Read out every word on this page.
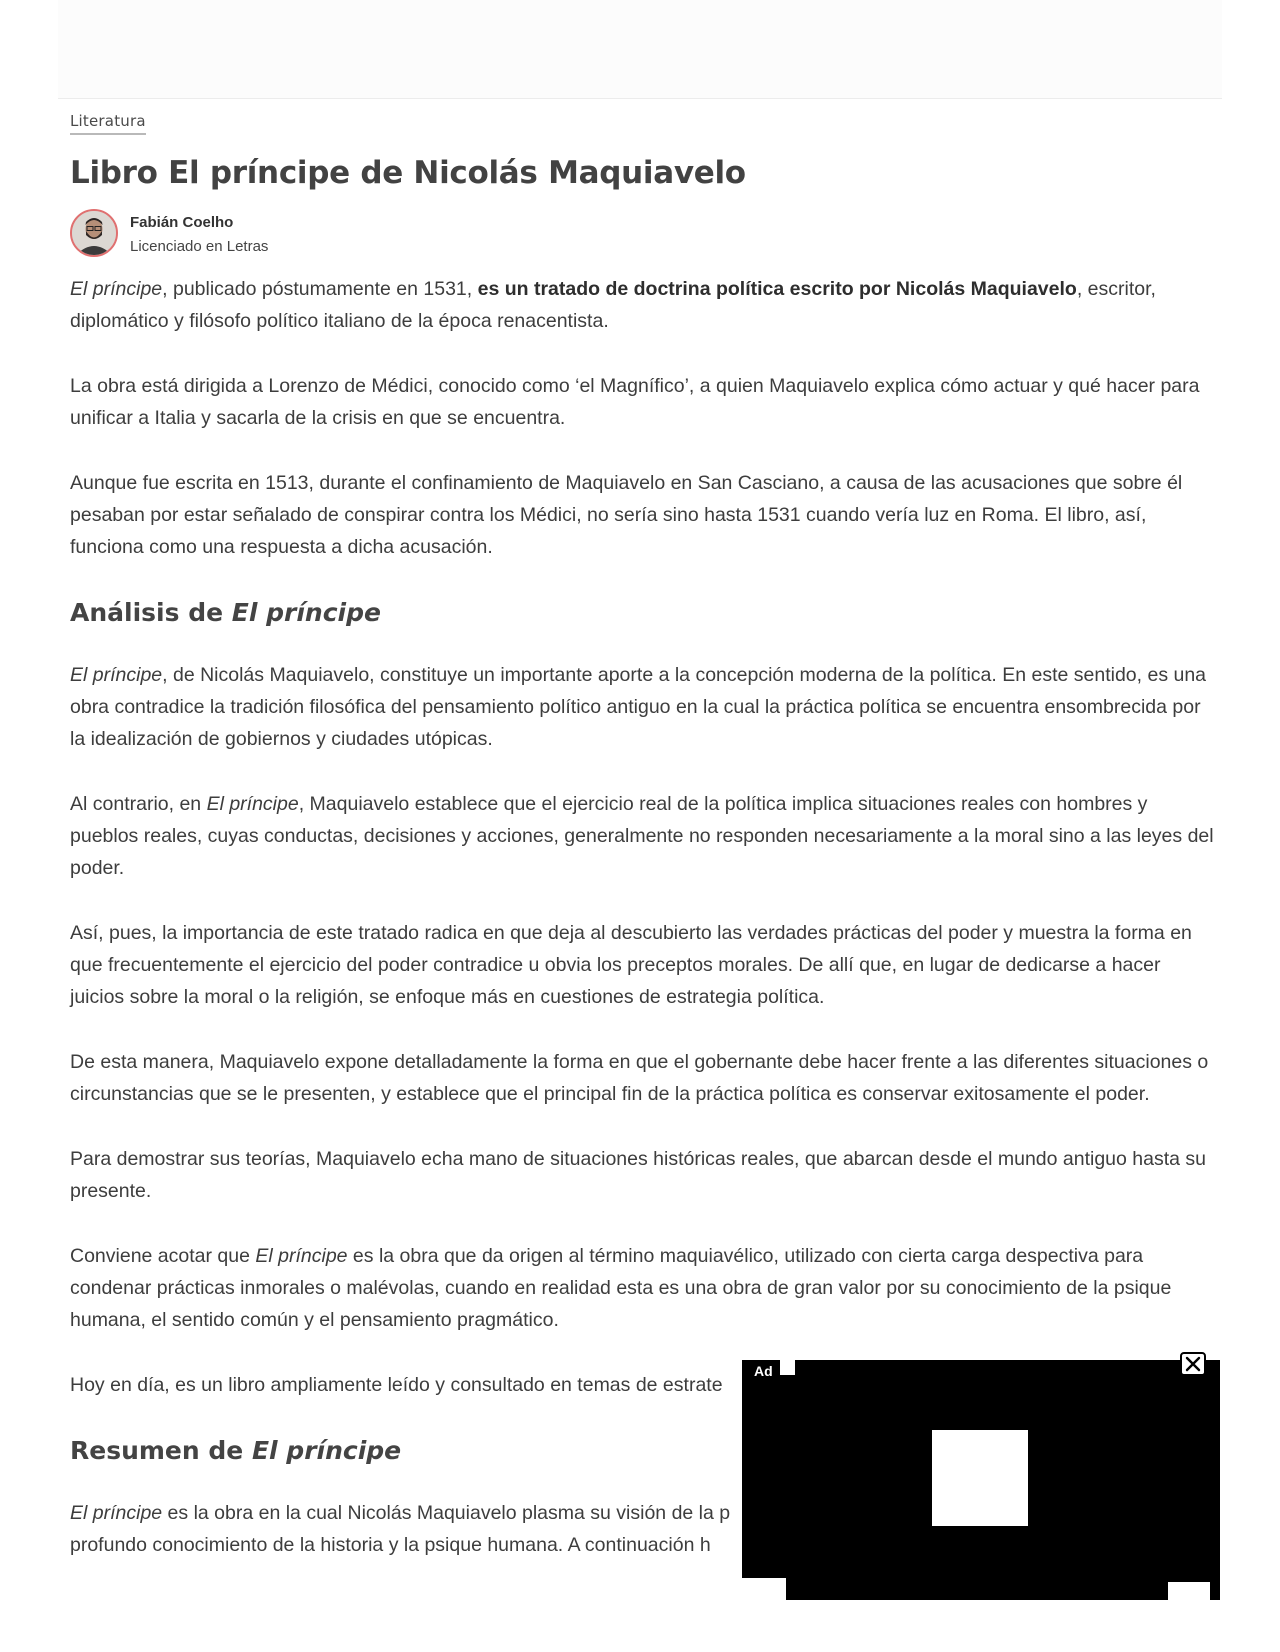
Literatura
Libro El príncipe de Nicolás Maquiavelo
Fabián Coelho
Licenciado en Letras

El príncipe, publicado póstumamente en 1531, es un tratado de doctrina política escrito por Nicolás Maquiavelo, escritor, diplomático y filósofo político italiano de la época renacentista.

La obra está dirigida a Lorenzo de Médici, conocido como ‘el Magnífico’, a quien Maquiavelo explica cómo actuar y qué hacer para unificar a Italia y sacarla de la crisis en que se encuentra.

Aunque fue escrita en 1513, durante el confinamiento de Maquiavelo en San Casciano, a causa de las acusaciones que sobre él pesaban por estar señalado de conspirar contra los Médici, no sería sino hasta 1531 cuando vería luz en Roma. El libro, así, funciona como una respuesta a dicha acusación.

Análisis de El príncipe

El príncipe, de Nicolás Maquiavelo, constituye un importante aporte a la concepción moderna de la política. En este sentido, es una obra contradice la tradición filosófica del pensamiento político antiguo en la cual la práctica política se encuentra ensombrecida por la idealización de gobiernos y ciudades utópicas.

Al contrario, en El príncipe, Maquiavelo establece que el ejercicio real de la política implica situaciones reales con hombres y pueblos reales, cuyas conductas, decisiones y acciones, generalmente no responden necesariamente a la moral sino a las leyes del poder.

Así, pues, la importancia de este tratado radica en que deja al descubierto las verdades prácticas del poder y muestra la forma en que frecuentemente el ejercicio del poder contradice u obvia los preceptos morales. De allí que, en lugar de dedicarse a hacer juicios sobre la moral o la religión, se enfoque más en cuestiones de estrategia política.

De esta manera, Maquiavelo expone detalladamente la forma en que el gobernante debe hacer frente a las diferentes situaciones o circunstancias que se le presenten, y establece que el principal fin de la práctica política es conservar exitosamente el poder.

Para demostrar sus teorías, Maquiavelo echa mano de situaciones históricas reales, que abarcan desde el mundo antiguo hasta su presente.

Conviene acotar que El príncipe es la obra que da origen al término maquiavélico, utilizado con cierta carga despectiva para condenar prácticas inmorales o malévolas, cuando en realidad esta es una obra de gran valor por su conocimiento de la psique humana, el sentido común y el pensamiento pragmático.

Hoy en día, es un libro ampliamente leído y consultado en temas de estrate

Resumen de El príncipe

El príncipe es la obra en la cual Nicolás Maquiavelo plasma su visión de la p
profundo conocimiento de la historia y la psique humana. A continuación h

Ad
